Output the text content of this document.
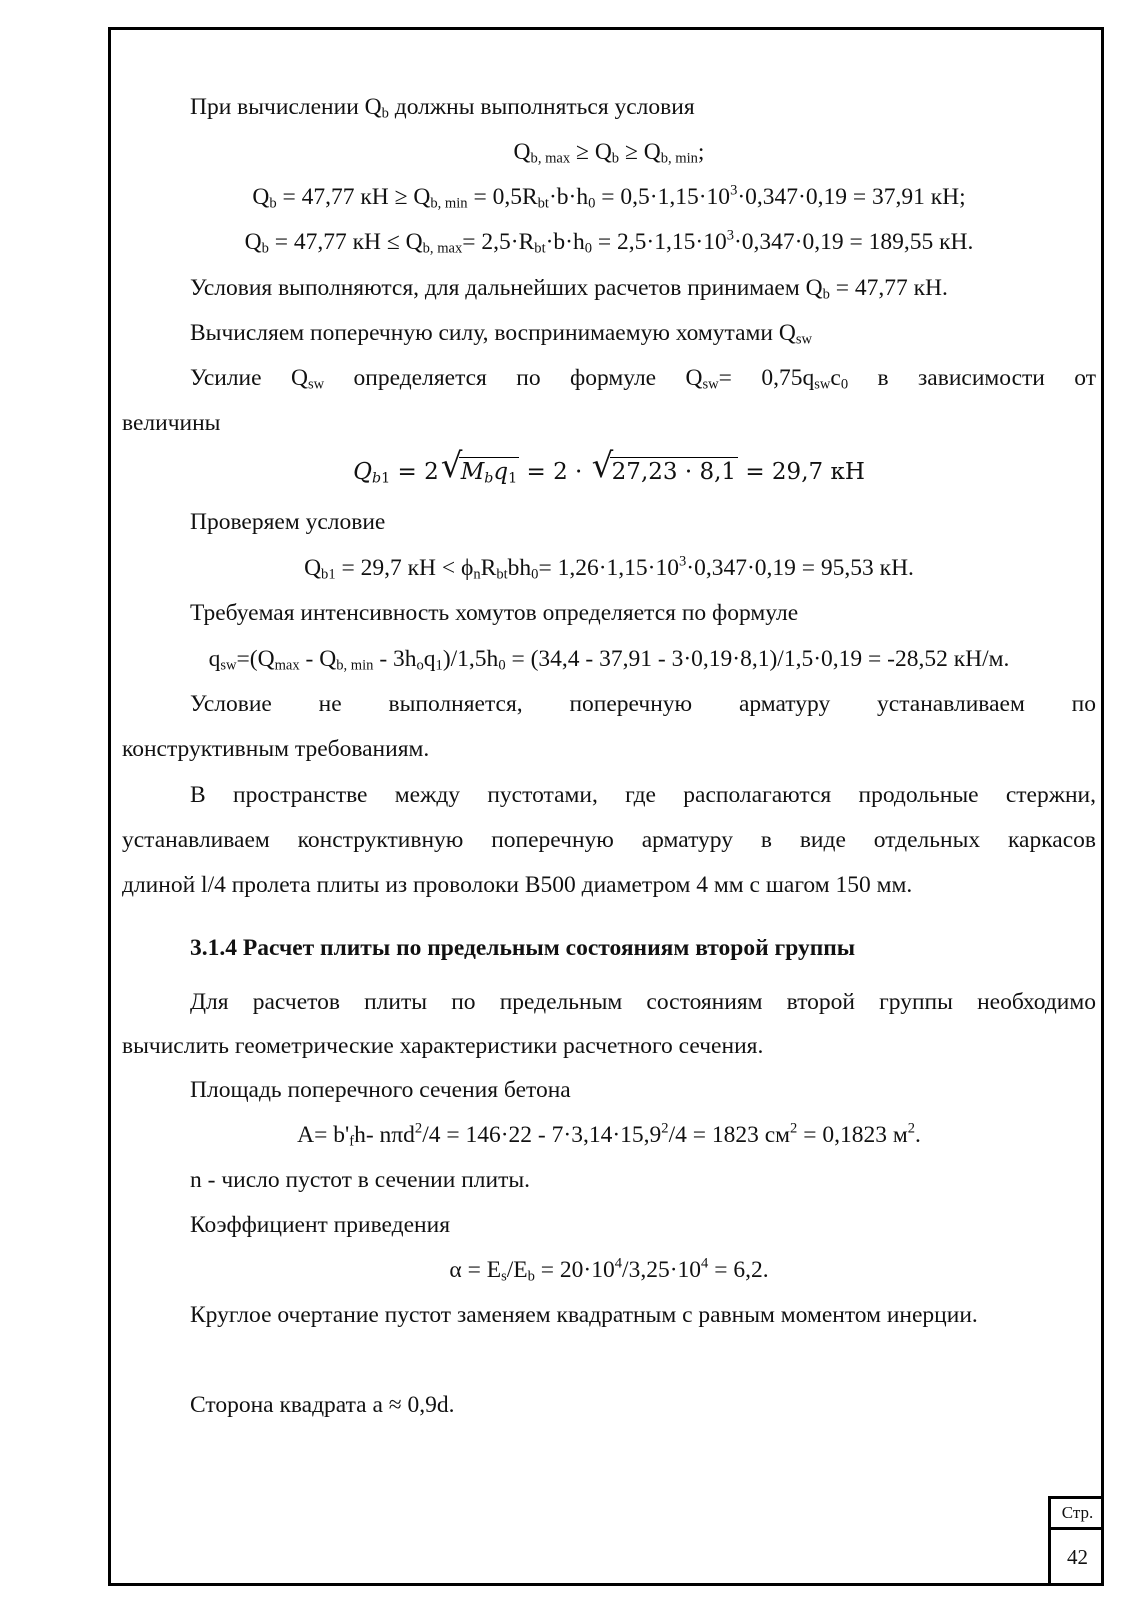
При вычислении $Q_b$ должны выполняться условия
$Q_{b, max} \ge Q_b \ge Q_{b, min}$;
$Q_b = 47,77$ кН ≥ $Q_{b, min} = 0,5R_{bt}\cdot b\cdot h_0 = 0,5\cdot 1,15\cdot 10^3\cdot 0,347\cdot 0,19 = 37,91$ кН;
$Q_b = 47,77$ кН ≤ $Q_{b, max}= 2,5\cdot R_{bt}\cdot b\cdot h_0 = 2,5\cdot 1,15\cdot 10^3\cdot 0,347\cdot 0,19 = 189,55$ кН.
Условия выполняются, для дальнейших расчетов принимаем $Q_b = 47,77$ кН.
Вычисляем поперечную силу, воспринимаемую хомутами $Q_{sw}$
Усилие $Q_{sw}$ определяется по формуле $Q_{sw}= 0,75q_{sw}c_0$ в зависимости от
величины
$Q_{b1} = 2$ √
$M_bq_1 = 2$ · √
27,23 · 8,1 = 29,7 кН
Проверяем условие
$Q_{b1} = 29,7$ кН < $\phi_nR_{bt}bh_0= 1,26\cdot 1,15\cdot 10^3\cdot 0,347\cdot 0,19 = 95,53$ кН.
Требуемая интенсивность хомутов определяется по формуле
$q_{sw}=(Q_{max} - Q_{b, min} - 3h_oq_1)/1,5h_0 = (34,4 - 37,91 - 3\cdot 0,19\cdot 8,1)/1,5\cdot 0,19 = -28,52$ кН/м.
Условие не выполняется, поперечную арматуру устанавливаем по
конструктивным требованиям.
В пространстве между пустотами, где располагаются продольные стержни,
устанавливаем конструктивную поперечную арматуру в виде отдельных каркасов
длиной l/4 пролета плиты из проволоки В500 диаметром 4 мм с шагом 150 мм.
3.1.4 Расчет плиты по предельным состояниям второй группы
Для расчетов плиты по предельным состояниям второй группы необходимо
вычислить геометрические характеристики расчетного сечения.
Площадь поперечного сечения бетона
$A= b'_fh-$ $n\pi d^2/4 = 146\cdot 22 - 7\cdot 3,14\cdot 15,9^2/4 = 1823$ $см^2 = 0,1823$ $м^2$.
n - число пустот в сечении плиты.
Коэффициент приведения
$\alpha = E_s/E_b = 20\cdot 10^4/3,25\cdot 10^4 = 6,2$.
Круглое очертание пустот заменяем квадратным с равным моментом инерции.
Сторона квадрата a ≈ 0,9d.
Стр.
42
